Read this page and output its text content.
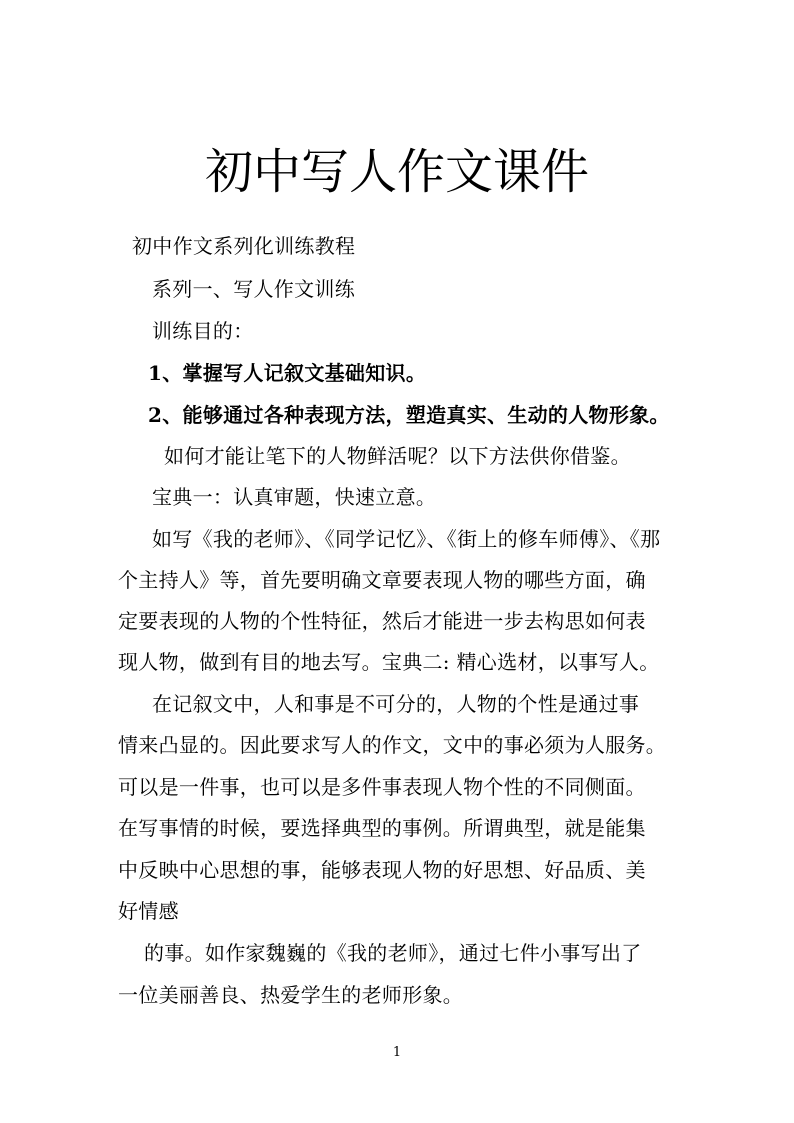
初中写人作文课件
初中作文系列化训练教程
系列一、写人作文训练
训练目的：
1、掌握写人记叙文基础知识。
2、能够通过各种表现方法，塑造真实、生动的人物形象。
如何才能让笔下的人物鲜活呢？以下方法供你借鉴。
宝典一：认真审题，快速立意。
如写《我的老师》、《同学记忆》、《街上的修车师傅》、《那
个主持人》等，首先要明确文章要表现人物的哪些方面，确
定要表现的人物的个性特征，然后才能进一步去构思如何表
现人物，做到有目的地去写。宝典二: 精心选材，以事写人。
在记叙文中，人和事是不可分的，人物的个性是通过事
情来凸显的。因此要求写人的作文，文中的事必须为人服务。
可以是一件事，也可以是多件事表现人物个性的不同侧面。
在写事情的时候，要选择典型的事例。所谓典型，就是能集
中反映中心思想的事，能够表现人物的好思想、好品质、美
好情感
的事。如作家魏巍的《我的老师》，通过七件小事写出了
一位美丽善良、热爱学生的老师形象。
1
